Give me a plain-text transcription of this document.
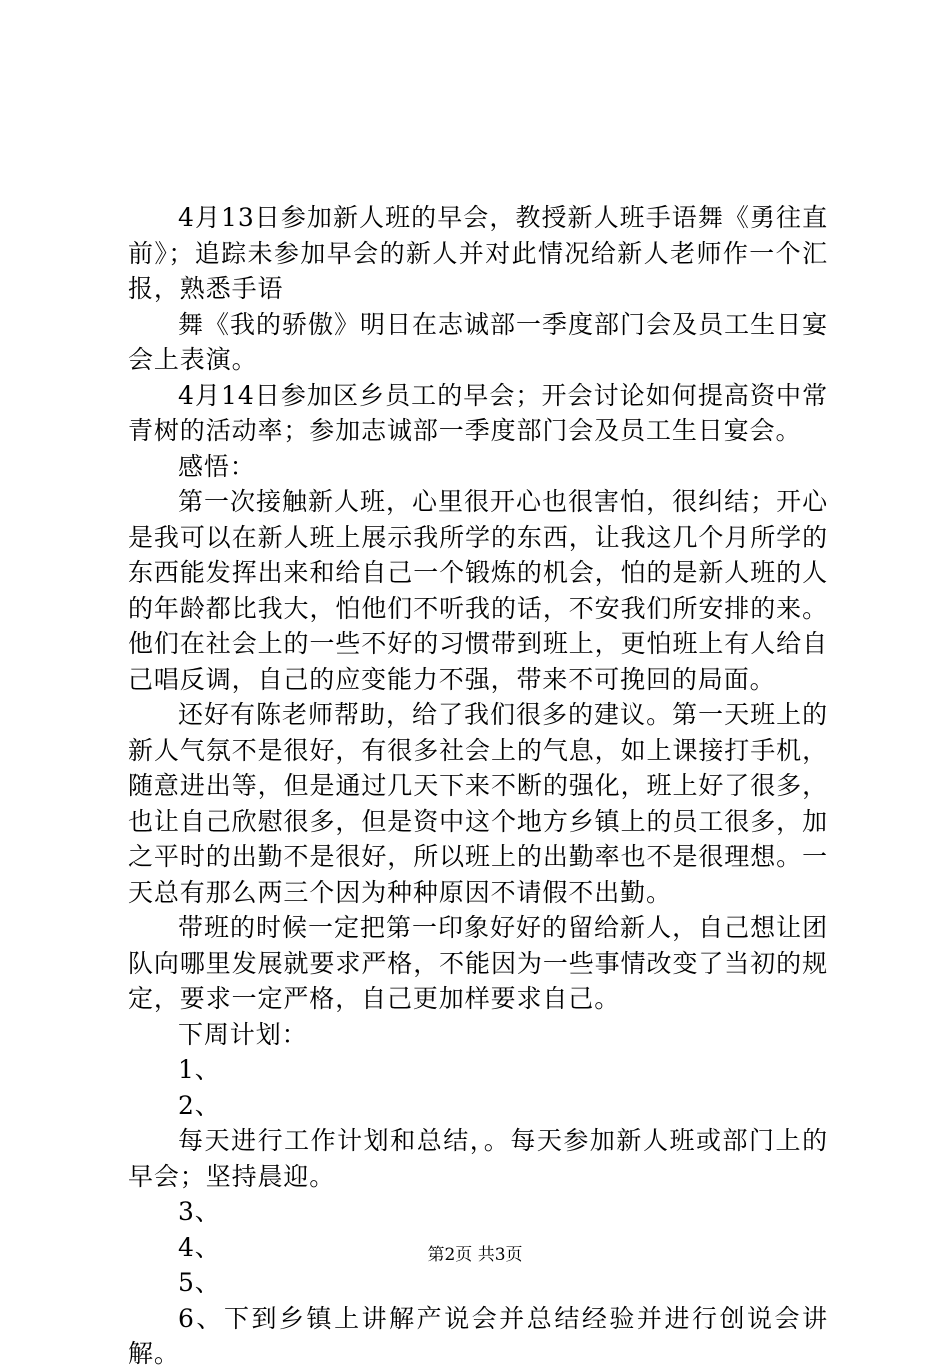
4月13日参加新人班的早会，教授新人班手语舞《勇往直前》；追踪未参加早会的新人并对此情况给新人老师作一个汇报，熟悉手语

舞《我的骄傲》明日在志诚部一季度部门会及员工生日宴会上表演。

4月14日参加区乡员工的早会；开会讨论如何提高资中常青树的活动率；参加志诚部一季度部门会及员工生日宴会。

感悟：

第一次接触新人班，心里很开心也很害怕，很纠结；开心是我可以在新人班上展示我所学的东西，让我这几个月所学的东西能发挥出来和给自己一个锻炼的机会，怕的是新人班的人的年龄都比我大，怕他们不听我的话，不安我们所安排的来。他们在社会上的一些不好的习惯带到班上，更怕班上有人给自己唱反调，自己的应变能力不强，带来不可挽回的局面。

还好有陈老师帮助，给了我们很多的建议。第一天班上的新人气氛不是很好，有很多社会上的气息，如上课接打手机，随意进出等，但是通过几天下来不断的强化，班上好了很多，也让自己欣慰很多，但是资中这个地方乡镇上的员工很多，加之平时的出勤不是很好，所以班上的出勤率也不是很理想。一天总有那么两三个因为种种原因不请假不出勤。

带班的时候一定把第一印象好好的留给新人，自己想让团队向哪里发展就要求严格，不能因为一些事情改变了当初的规定，要求一定严格，自己更加样要求自己。

下周计划：

1、

2、

每天进行工作计划和总结，。每天参加新人班或部门上的早会；坚持晨迎。

3、

4、

5、

6、下到乡镇上讲解产说会并总结经验并进行创说会讲解。

第2页 共3页
